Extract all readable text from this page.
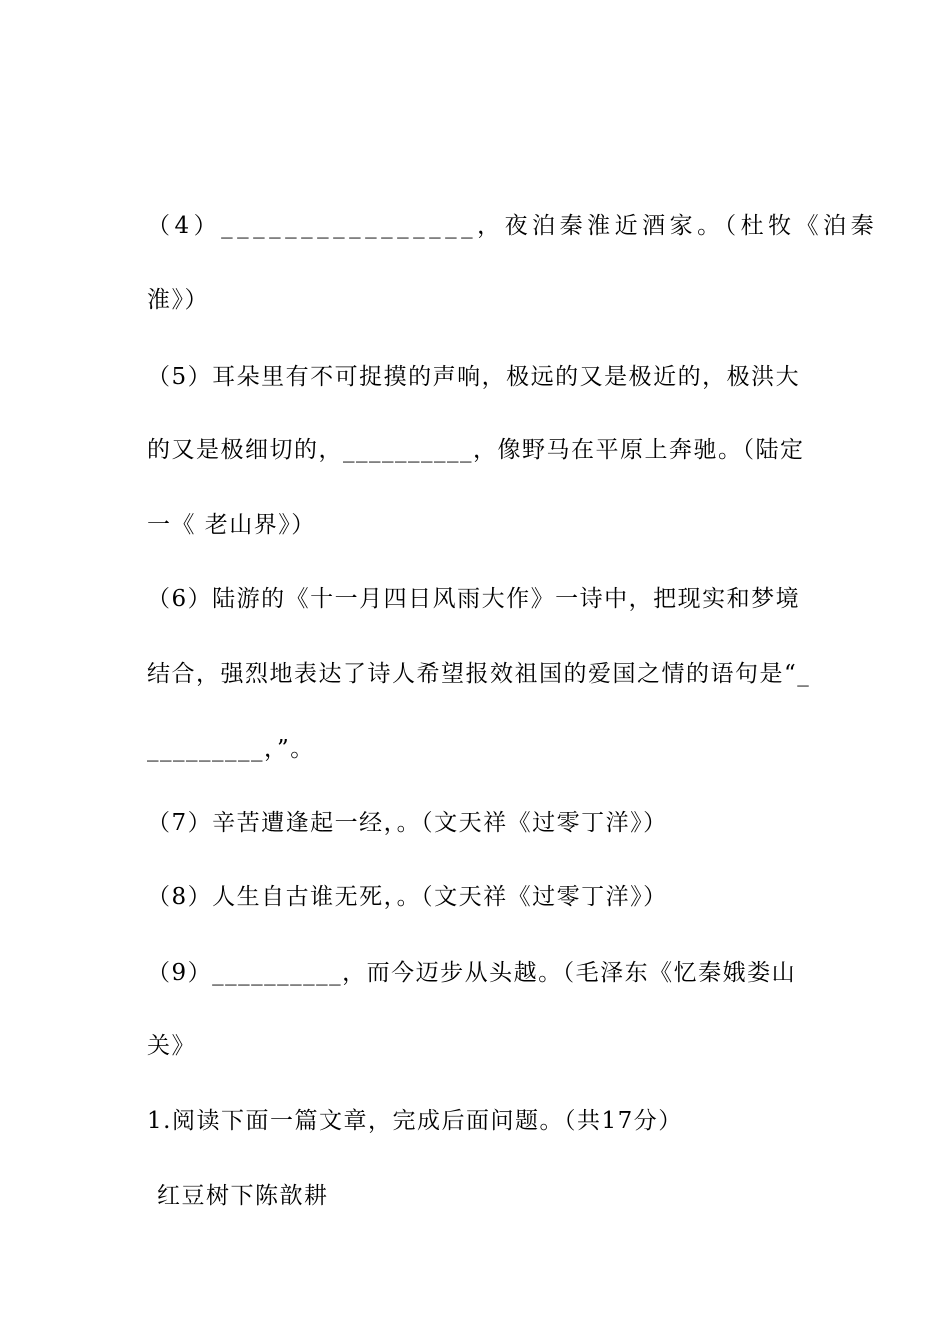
（4）________________，夜泊秦淮近酒家。（杜牧《泊秦
淮》）
（5）耳朵里有不可捉摸的声响，极远的又是极近的，极洪大
的又是极细切的，__________，像野马在平原上奔驰。（陆定
一《 老山界》）
（6）陆游的《十一月四日风雨大作》一诗中，把现实和梦境
结合，强烈地表达了诗人希望报效祖国的爱国之情的语句是“_
_________，”。
（7）辛苦遭逢起一经，。（文天祥《过零丁洋》）
（8）人生自古谁无死，。（文天祥《过零丁洋》）
（9）__________，而今迈步从头越。（毛泽东《忆秦娥娄山
关》
1.阅读下面一篇文章，完成后面问题。（共17分）
红豆树下陈歆耕
